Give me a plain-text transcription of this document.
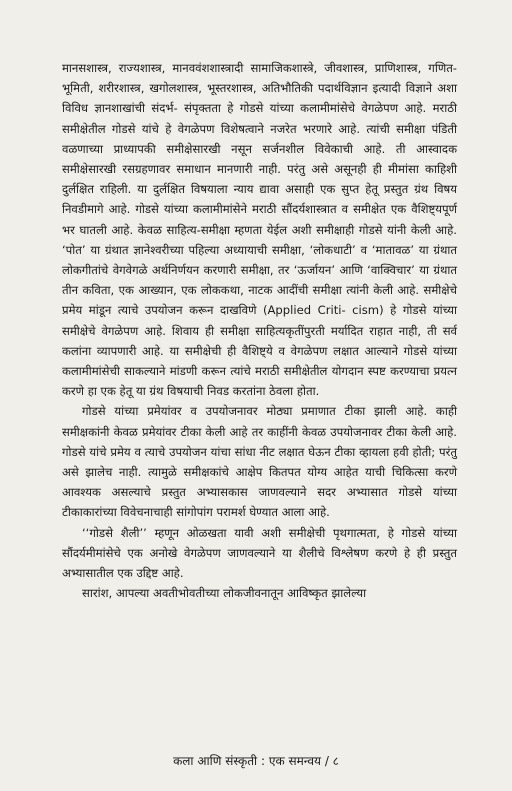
मानसशास्त्र, राज्यशास्त्र, मानववंशशास्त्रादी सामाजिकशास्त्रे, जीवशास्त्र, प्राणिशास्त्र, गणित-भूमिती, शरीरशास्त्र, खगोलशास्त्र, भूस्तरशास्त्र, अतिभौतिकी पदार्थविज्ञान इत्यादी विज्ञाने अशा विविध ज्ञानशाखांची संदर्भ- संपृक्तता हे गोडसे यांच्या कलामीमांसेचे वेगळेपण आहे. मराठी समीक्षेतील गोडसे यांचे हे वेगळेपण विशेषत्वाने नजरेत भरणारे आहे. त्यांची समीक्षा पंडिती वळणाच्या प्राध्यापकी समीक्षेसारखी नसून सर्जनशील विवेकाची आहे. ती आस्वादक समीक्षेसारखी रसग्रहणावर समाधान मानणारी नाही. परंतु असे असूनही ही मीमांसा काहिशी दुर्लक्षित राहिली. या दुर्लक्षित विषयाला न्याय द्यावा असाही एक सुप्त हेतू प्रस्तुत ग्रंथ विषय निवडीमागे आहे. गोडसे यांच्या कलामीमांसेने मराठी सौंदर्यशास्त्रात व समीक्षेत एक वैशिष्ट्यपूर्ण भर घातली आहे. केवळ साहित्य-समीक्षा म्हणता येईल अशी समीक्षाही गोडसे यांनी केली आहे. ‘पोत’ या ग्रंथात ज्ञानेश्वरीच्या पहिल्या अध्यायाची समीक्षा, ‘लोकधाटी’ व ‘मातावळ’ या ग्रंथात लोकगीतांचे वेगवेगळे अर्थनिर्णयन करणारी समीक्षा, तर ‘ऊर्जायन’ आणि ‘वाक्विचार’ या ग्रंथात तीन कविता, एक आख्यान, एक लोककथा, नाटक आदींची समीक्षा त्यांनी केली आहे. समीक्षेचे प्रमेय मांडून त्याचे उपयोजन करून दाखविणे (Applied Criti- cism) हे गोडसे यांच्या समीक्षेचे वेगळेपण आहे. शिवाय ही समीक्षा साहित्यकृतींपुरती मर्यादित राहात नाही, ती सर्व कलांना व्यापणारी आहे. या समीक्षेची ही वैशिष्ट्ये व वेगळेपण लक्षात आल्याने गोडसे यांच्या कलामीमांसेची साकल्याने मांडणी करून त्यांचे मराठी समीक्षेतील योगदान स्पष्ट करण्याचा प्रयत्न करणे हा एक हेतू या ग्रंथ विषयाची निवड करतांना ठेवला होता.

गोडसे यांच्या प्रमेयांवर व उपयोजनावर मोठ्या प्रमाणात टीका झाली आहे. काही समीक्षकांनी केवळ प्रमेयांवर टीका केली आहे तर काहींनी केवळ उपयोजनावर टीका केली आहे. गोडसे यांचे प्रमेय व त्याचे उपयोजन यांचा सांधा नीट लक्षात घेऊन टीका व्हायला हवी होती; परंतु असे झालेच नाही. त्यामुळे समीक्षकांचे आक्षेप कितपत योग्य आहेत याची चिकित्सा करणे आवश्यक असल्याचे प्रस्तुत अभ्यासकास जाणवल्याने सदर अभ्यासात गोडसे यांच्या टीकाकारांच्या विवेचनाचाही सांगोपांग परामर्श घेण्यात आला आहे.

‘‘गोडसे शैली’’ म्हणून ओळखता यावी अशी समीक्षेची पृथगात्मता, हे गोडसे यांच्या सौंदर्यमीमांसेचे एक अनोखे वेगळेपण जाणवल्याने या शैलीचे विश्लेषण करणे हे ही प्रस्तुत अभ्यासातील एक उद्दिष्ट आहे.

सारांश, आपल्या अवतीभोवतीच्या लोकजीवनातून आविष्कृत झालेल्या

कला आणि संस्कृती : एक समन्वय / ८
